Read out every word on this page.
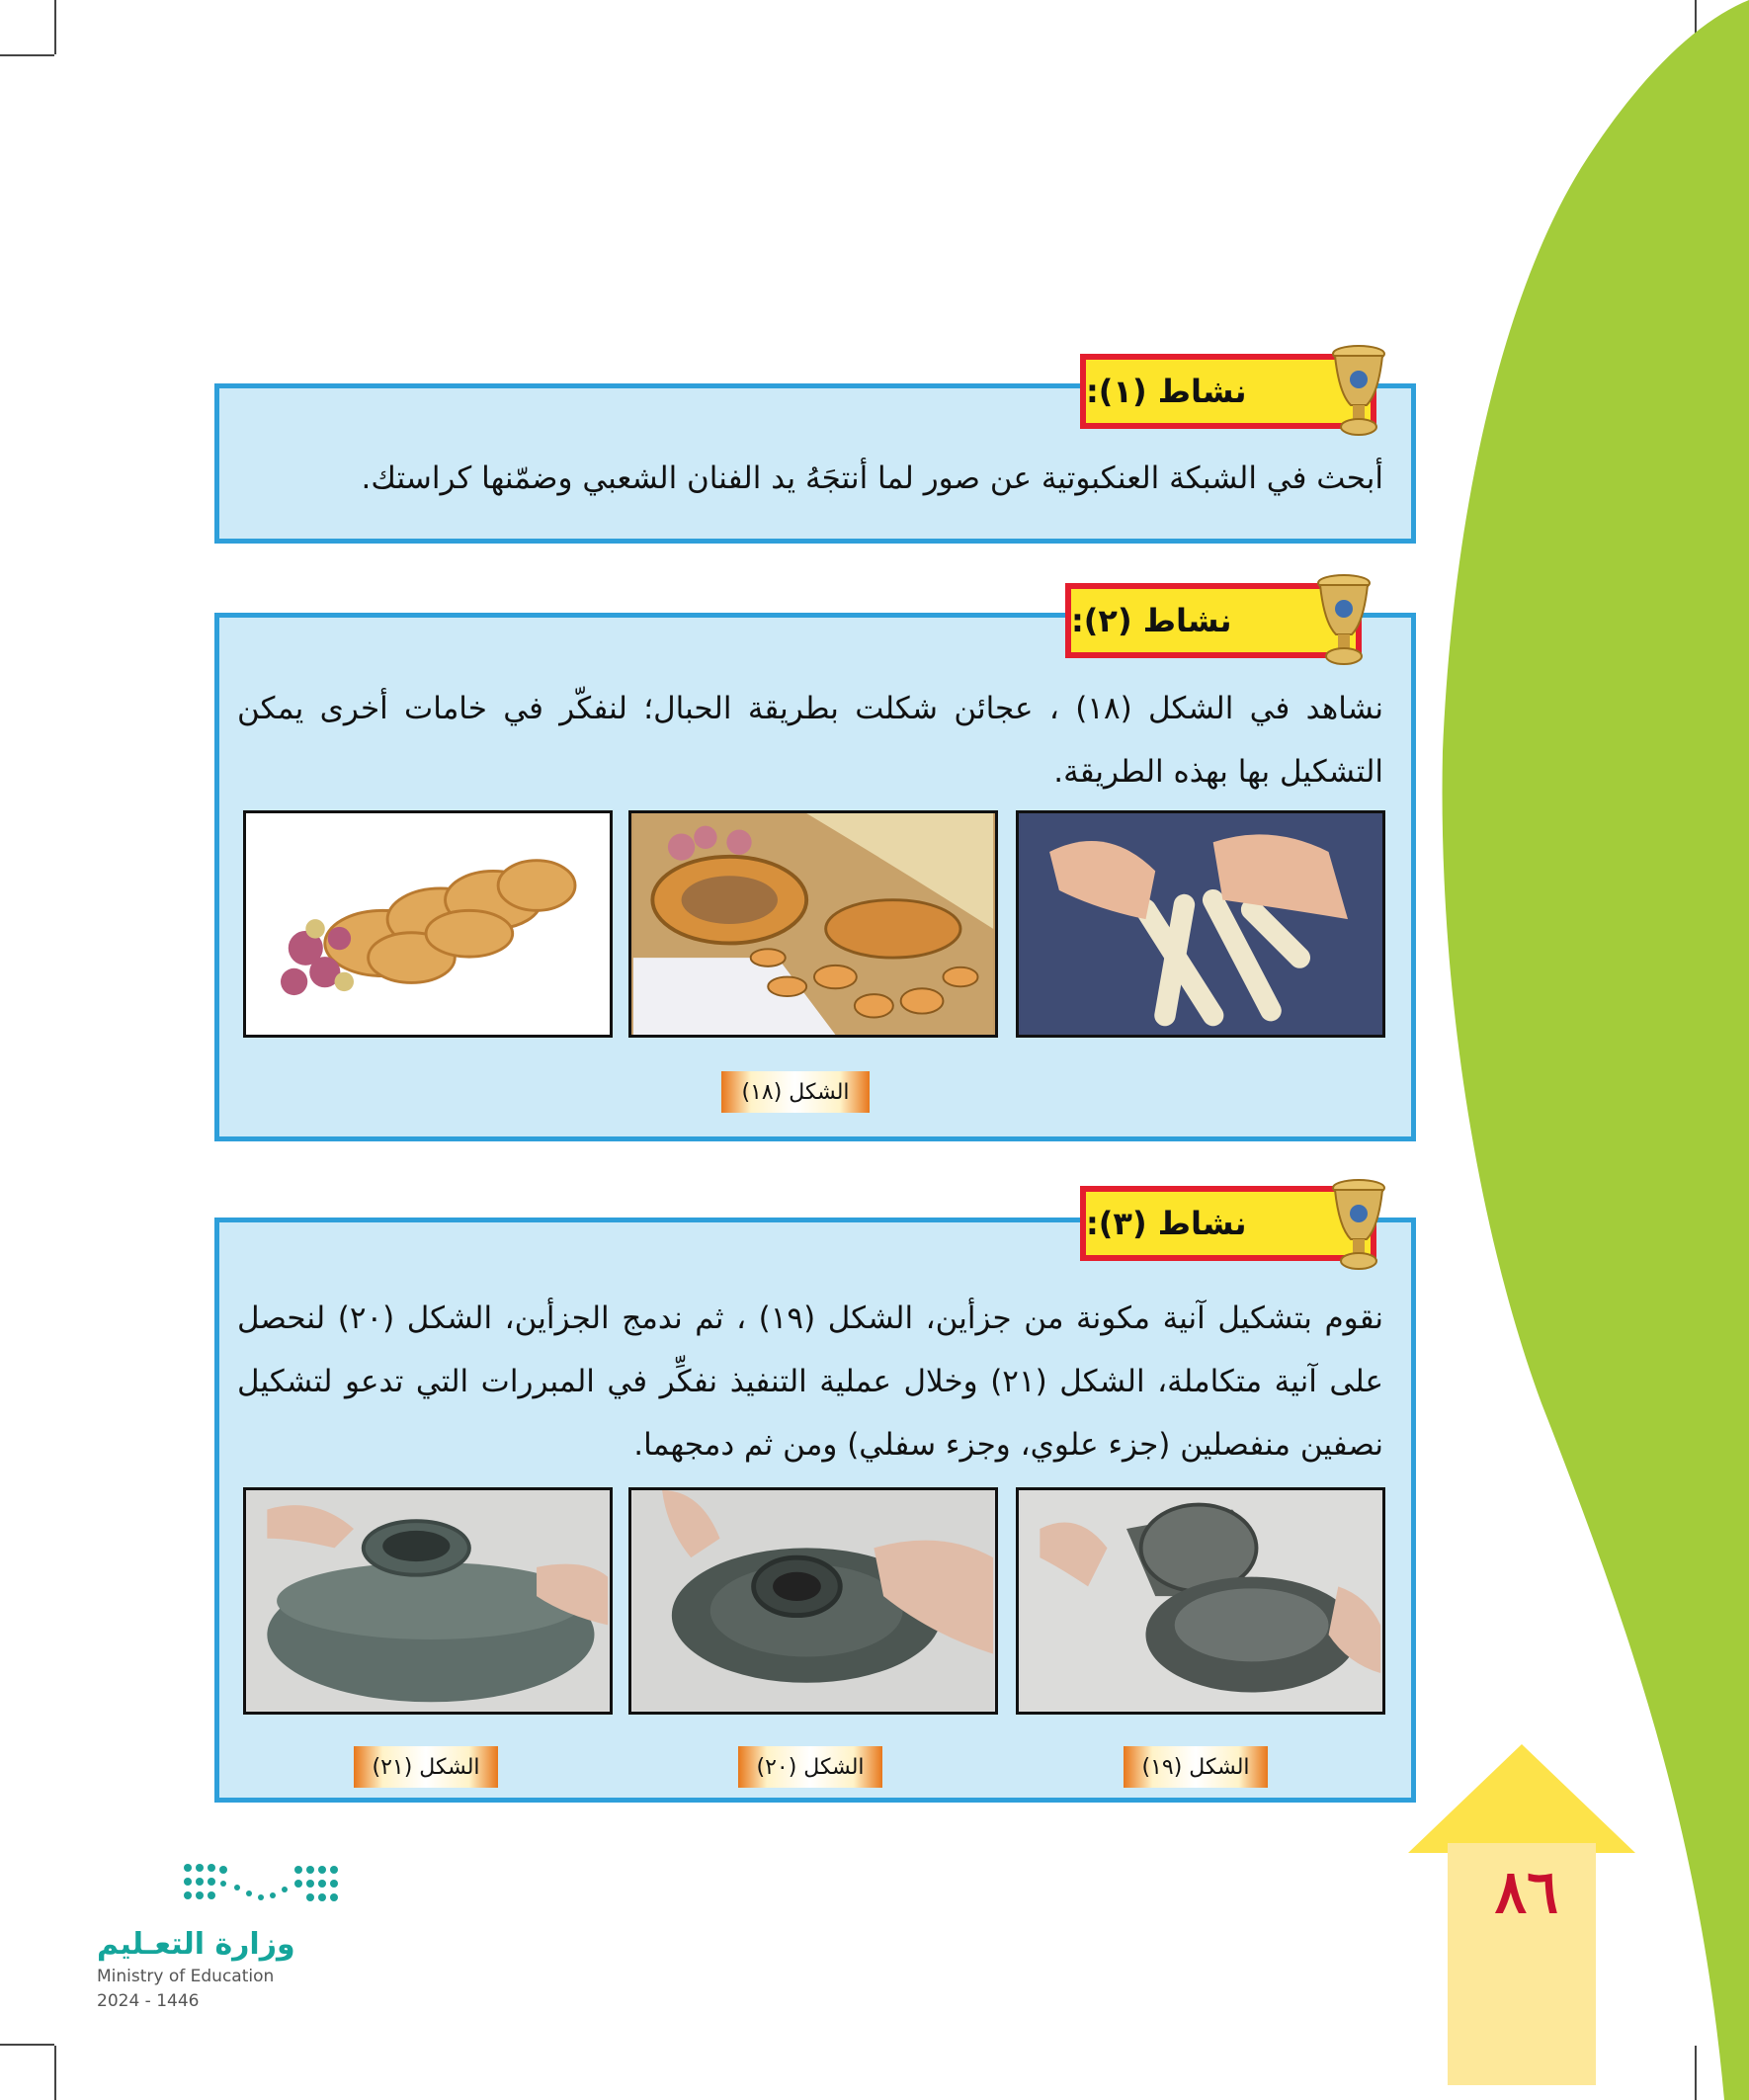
نشاط (١):
أبحث في الشبكة العنكبوتية عن صور لما أنتجَهُ يد الفنان الشعبي وضمّنها كراستك.
نشاط (٢):
نشاهد في الشكل (١٨) ، عجائن شكلت بطريقة الحبال؛ لنفكّر في خامات أخرى يمكن التشكيل بها بهذه الطريقة.
الشكل (١٨)
نشاط (٣):
نقوم بتشكيل آنية مكونة من جزأين، الشكل (١٩) ، ثم ندمج الجزأين، الشكل (٢٠) لنحصل على آنية متكاملة، الشكل (٢١) وخلال عملية التنفيذ نفكِّر في المبررات التي تدعو لتشكيل نصفين منفصلين (جزء علوي، وجزء سفلي) ومن ثم دمجهما.
الشكل (٢١)	الشكل (٢٠)	الشكل (١٩)
٨٦
وزارة التعـليم
Ministry of Education
2024 - 1446
